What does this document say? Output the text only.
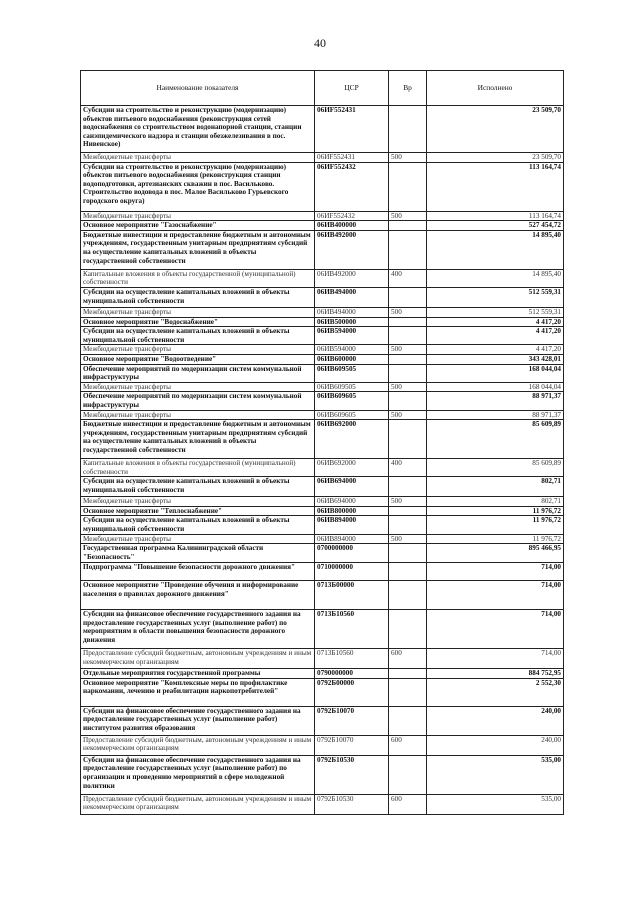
40
Наименование показателя	ЦСР	Вр	Исполнено
Субсидии на строительство и реконструкцию (модернизацию) объектов питьевого водоснабжения (реконструкция сетей водоснабжения со строительством водонапорной станции, станции санэпидемического надзора и станции обезжелезивания в пос. Нивенское)	06ИF552431		23 509,70
Межбюджетные трансферты	06ИF552431	500	23 509,70
Субсидии на строительство и реконструкцию (модернизацию) объектов питьевого водоснабжения (реконструкция станции водоподготовки, артезианских скважин в пос. Васильково. Строительство водовода в пос. Малое Васильково Гурьевского городского округа)	06ИF552432		113 164,74
Межбюджетные трансферты	06ИF552432	500	113 164,74
Основное мероприятие "Газоснабжение"	06ИВ400000		527 454,72
Бюджетные инвестиции и предоставление бюджетным и автономным учреждениям, государственным унитарным предприятиям субсидий на осуществление капитальных вложений в объекты государственной собственности	06ИВ492000		14 895,40
Капитальные вложения в объекты государственной (муниципальной) собственности	06ИВ492000	400	14 895,40
Субсидии на осуществление капитальных вложений в объекты муниципальной собственности	06ИВ494000		512 559,31
Межбюджетные трансферты	06ИВ494000	500	512 559,31
Основное мероприятие "Водоснабжение"	06ИВ500000		4 417,20
Субсидии на осуществление капитальных вложений в объекты муниципальной собственности	06ИВ594000		4 417,20
Межбюджетные трансферты	06ИВ594000	500	4 417,20
Основное мероприятие "Водоотведение"	06ИВ600000		343 428,01
Обеспечение мероприятий по модернизации систем коммунальной инфраструктуры	06ИВ609505		168 044,04
Межбюджетные трансферты	06ИВ609505	500	168 044,04
Обеспечение мероприятий по модернизации систем коммунальной инфраструктуры	06ИВ609605		88 971,37
Межбюджетные трансферты	06ИВ609605	500	88 971,37
Бюджетные инвестиции и предоставление бюджетным и автономным учреждениям, государственным унитарным предприятиям субсидий на осуществление капитальных вложений в объекты государственной собственности	06ИВ692000		85 609,89
Капитальные вложения в объекты государственной (муниципальной) собственности	06ИВ692000	400	85 609,89
Субсидии на осуществление капитальных вложений в объекты муниципальной собственности	06ИВ694000		802,71
Межбюджетные трансферты	06ИВ694000	500	802,71
Основное мероприятие "Теплоснабжение"	06ИВ800000		11 976,72
Субсидии на осуществление капитальных вложений в объекты муниципальной собственности	06ИВ894000		11 976,72
Межбюджетные трансферты	06ИВ894000	500	11 976,72
Государственная программа Калининградской области "Безопасность"	0700000000		895 466,95
Подпрограмма "Повышение безопасности дорожного движения"	0710000000		714,00
Основное мероприятие "Проведение обучения и информирование населения о правилах дорожного движения"	0713Б00000		714,00
Субсидии на финансовое обеспечение государственного задания на предоставление государственных услуг (выполнение работ) по мероприятиям в области повышения безопасности дорожного движения	0713Б10560		714,00
Предоставление субсидий бюджетным, автономным учреждениям и иным некоммерческим организациям	0713Б10560	600	714,00
Отдельные мероприятия государственной программы	0790000000		884 752,95
Основное мероприятие "Комплексные меры по профилактике наркомании, лечению и реабилитации наркопотребителей"	0792Б00000		2 552,30
Субсидии на финансовое обеспечение государственного задания на предоставление государственных услуг (выполнение работ) институтом развития образования	0792Б10070		240,00
Предоставление субсидий бюджетным, автономным учреждениям и иным некоммерческим организациям	0792Б10070	600	240,00
Субсидии на финансовое обеспечение государственного задания на предоставление государственных услуг (выполнение работ) по организации и проведению мероприятий в сфере молодежной политики	0792Б10530		535,00
Предоставление субсидий бюджетным, автономным учреждениям и иным некоммерческим организациям	0792Б10530	600	535,00
